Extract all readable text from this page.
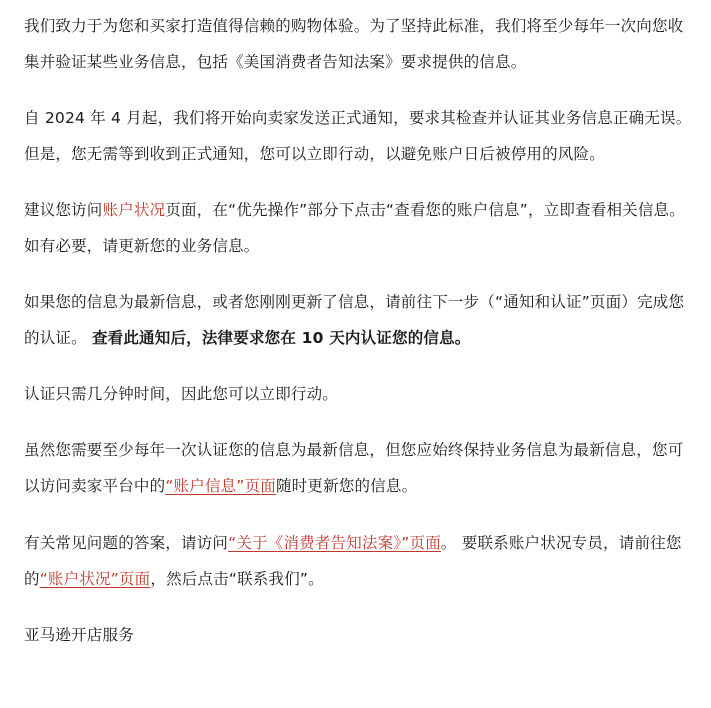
我们致力于为您和买家打造值得信赖的购物体验。为了坚持此标准，我们将至少每年一次向您收集并验证某些业务信息，包括《美国消费者告知法案》要求提供的信息。

自 2024 年 4 月起，我们将开始向卖家发送正式通知，要求其检查并认证其业务信息正确无误。 但是，您无需等到收到正式通知，您可以立即行动，以避免账户日后被停用的风险。

建议您访问账户状况页面，在“优先操作”部分下点击“查看您的账户信息”，立即查看相关信息。如有必要，请更新您的业务信息。

如果您的信息为最新信息，或者您刚刚更新了信息，请前往下一步（“通知和认证”页面）完成您的认证。 查看此通知后，法律要求您在 10 天内认证您的信息。

认证只需几分钟时间，因此您可以立即行动。

虽然您需要至少每年一次认证您的信息为最新信息，但您应始终保持业务信息为最新信息，您可以访问卖家平台中的“账户信息”页面随时更新您的信息。

有关常见问题的答案，请访问“关于《消费者告知法案》”页面。 要联系账户状况专员，请前往您的“账户状况”页面，然后点击“联系我们”。

亚马逊开店服务
